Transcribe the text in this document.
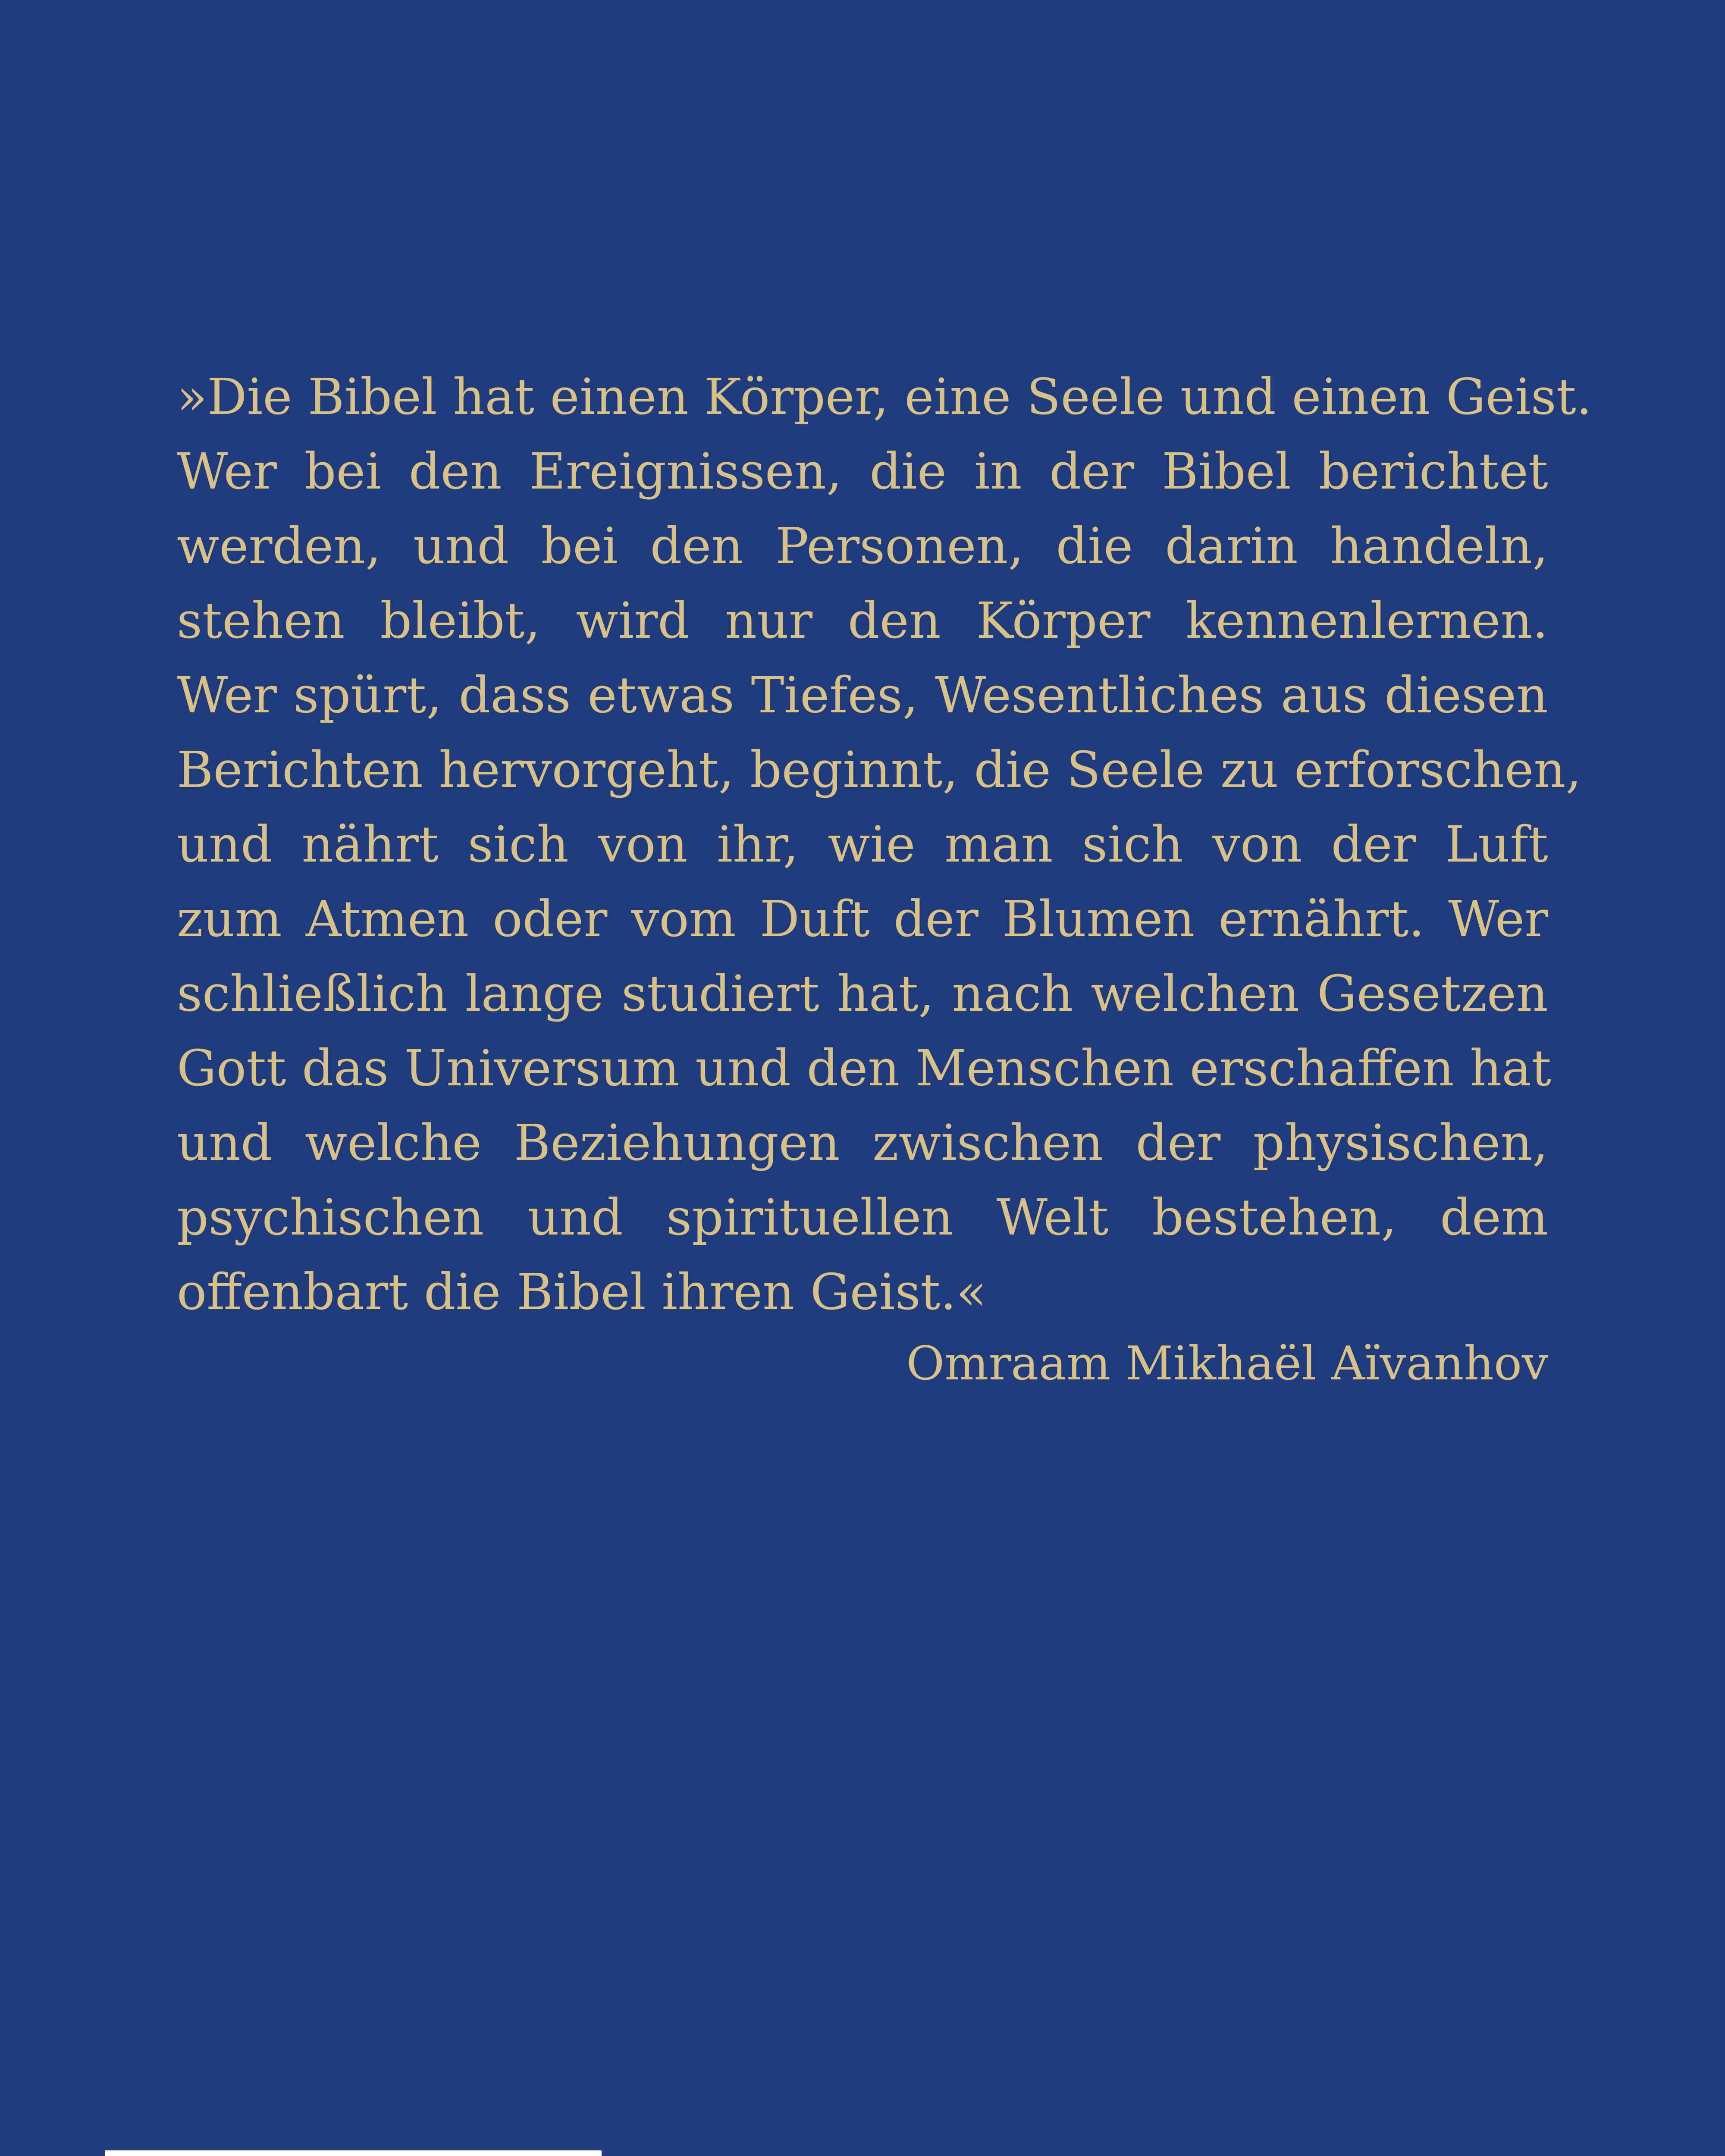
»Die Bibel hat einen Körper, eine Seele und einen Geist.
Wer bei den Ereignissen, die in der Bibel berichtet
werden, und bei den Personen, die darin handeln,
stehen bleibt, wird nur den Körper kennenlernen.
Wer spürt, dass etwas Tiefes, Wesentliches aus diesen
Berichten hervorgeht, beginnt, die Seele zu erforschen,
und nährt sich von ihr, wie man sich von der Luft
zum Atmen oder vom Duft der Blumen ernährt. Wer
schließlich lange studiert hat, nach welchen Gesetzen
Gott das Universum und den Menschen erschaffen hat
und welche Beziehungen zwischen der physischen,
psychischen und spirituellen Welt bestehen, dem
offenbart die Bibel ihren Geist.«
Omraam Mikhaël Aïvanhov
